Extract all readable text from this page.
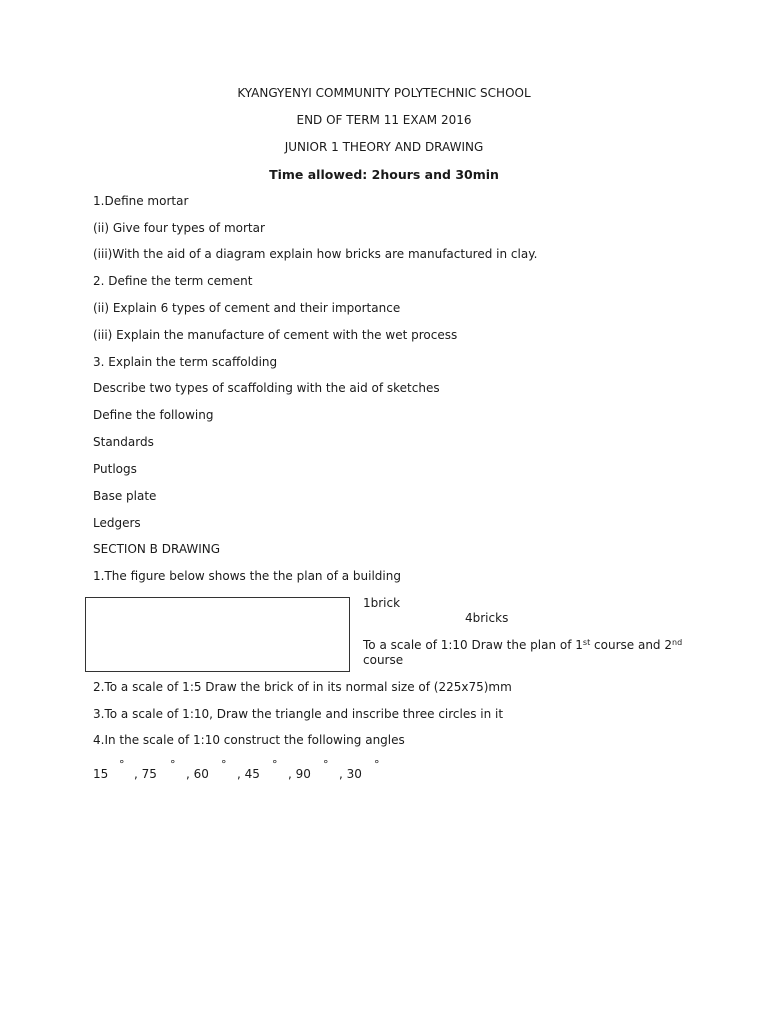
KYANGYENYI COMMUNITY POLYTECHNIC SCHOOL
END OF TERM 11 EXAM 2016
JUNIOR 1 THEORY AND DRAWING
Time allowed: 2hours and 30min
1.Define mortar
(ii) Give four types of mortar
(iii)With the aid of a diagram explain how bricks are manufactured in clay.
2. Define the term cement
(ii) Explain 6 types of cement and their importance
(iii) Explain the manufacture of cement with the wet process
3. Explain the term scaffolding
Describe two types of scaffolding with the aid of sketches
Define the following
Standards
Putlogs
Base plate
Ledgers
SECTION B DRAWING
1.The figure below shows the the plan of a building
1brick
4bricks
To a scale of 1:10 Draw the plan of 1st course and 2nd
course
2.To a scale of 1:5 Draw the brick of in its normal size of (225x75)mm
3.To a scale of 1:10, Draw the triangle and inscribe three circles in it
4.In the scale of 1:10 construct the following angles
15
°
, 75
°
, 60
°
, 45
°
, 90
°
, 30
°
